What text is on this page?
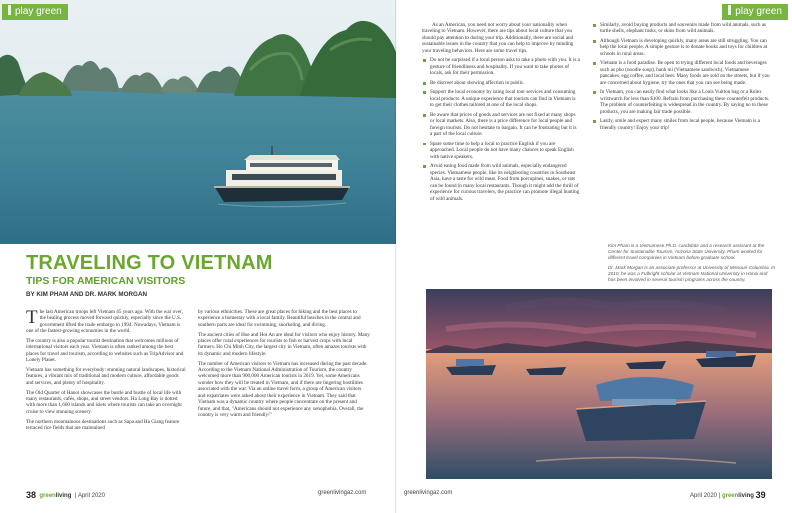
play green
TRAVELING TO VIETNAM
TIPS FOR AMERICAN VISITORS
BY KIM PHAM AND DR. MARK MORGAN

The last American troops left Vietnam 45 years ago. With the war over, the healing process moved forward quickly, especially since the U.S. government lifted the trade embargo in 1994. Nowadays, Vietnam is one of the fastest-growing economies in the world.

The country is also a popular tourist destination that welcomes millions of international visitors each year. Vietnam is often ranked among the best places for travel and tourism, according to websites such as TripAdvisor and Lonely Planet.

Vietnam has something for everybody: stunning natural landscapes, historical features, a vibrant mix of traditional and modern culture, affordable goods and services, and plenty of hospitality.

The Old Quarter of Hanoi showcases the bustle and bustle of local life with many restaurants, cafés, shops, and street vendors. Ha Long Bay is dotted with more than 1,600 islands and islets where tourists can take an overnight cruise to view stunning scenery.

The northern mountainous destinations such as Sapa and Ha Giang feature terraced rice fields that are maintained

by various ethnicities. These are great places for hiking and the best places to experience a homestay with a local family. Beautiful beaches in the central and southern parts are ideal for swimming, snorkeling, and diving.

The ancient cities of Hue and Hoi An are ideal for visitors who enjoy history. Many places offer rural experiences for tourists to fish or harvest crops with local farmers. Ho Chi Minh City, the largest city in Vietnam, often amazes tourists with its dynamic and modern lifestyle.

The number of American visitors to Vietnam has increased during the past decade. According to the Vietnam National Administration of Tourism, the country welcomed more than 900,000 American tourists in 2019. Yet, some Americans wonder how they will be treated in Vietnam, and if there are lingering hostilities associated with the war. Via an online travel form, a group of American visitors and expatriates were asked about their experience in Vietnam. They said that Vietnam was a dynamic country where people concentrate on the present and future, and that, "Americans should not experience any xenophobia. Overall, the country is very warm and friendly!"

38 greenliving  | April 2020	greenlivingaz.com
play green

As an American, you need not worry about your nationality when traveling to Vietnam. However, there are tips about local culture that you should pay attention to during your trip. Additionally, there are social and sustainable issues in the country that you can help to improve by minding your traveling behaviors. Here are some travel tips.

Do not be surprised if a local person asks to take a photo with you. It is a gesture of friendliness and hospitality. If you want to take photos of locals, ask for their permission.
Be discreet about showing affection in public.
Support the local economy by using local tour services and consuming local products. A unique experience that tourists can find in Vietnam is to get their clothes tailored at one of the local shops.
Be aware that prices of goods and services are not fixed at many shops or local markets. Also, there is a price difference for local people and foreign tourists. Do not hesitate to bargain. It can be frustrating but it is a part of the local culture.
Spare some time to help a local to practice English if you are approached. Local people do not have many chances to speak English with native speakers.
Avoid eating food made from wild animals, especially endangered species. Vietnamese people, like its neighboring countries in Southeast Asia, have a taste for wild meat. Food from porcupines, snakes, or rats can be found in many local restaurants. Though it might add the thrill of experience for curious travelers, the practice can promote illegal hunting of wild animals.
Similarly, avoid buying products and souvenirs made from wild animals, such as turtle shells, elephant tusks, or skins from wild animals.
Although Vietnam is developing quickly, many areas are still struggling. You can help the local people. A simple gesture is to donate books and toys for children at schools in rural areas.
Vietnam is a food paradise. Be open to trying different local foods and beverages such as pho (noodle soup), banh mi (Vietnamese sandwich), Vietnamese pancakes, egg coffee, and local beer. Many foods are sold on the streets, but if you are concerned about hygiene, try the ones that you can see being made.
In Vietnam, you can easily find what looks like a Louis Vuitton bag or a Rolex wristwatch for less than $100. Refrain from purchasing these counterfeit products. The problem of counterfeiting is widespread in the country. By saying no to these products, you are making fair trade possible.
Lastly, smile and expect many smiles from local people, because Vietnam is a friendly country! Enjoy your trip!

Kim Pham is a Vietnamese Ph.D. candidate and a research assistant at the Center for Sustainable Tourism, Arizona State University. Pham worked for different travel companies in Vietnam before graduate school.

Dr. Mark Morgan is an associate professor at University of Missouri-Columbia. In 2010, he was a Fulbright scholar at Vietnam National University in Hanoi and has been involved in several tourism programs across the country.

greenlivingaz.com	April 2020 | greenliving 39
